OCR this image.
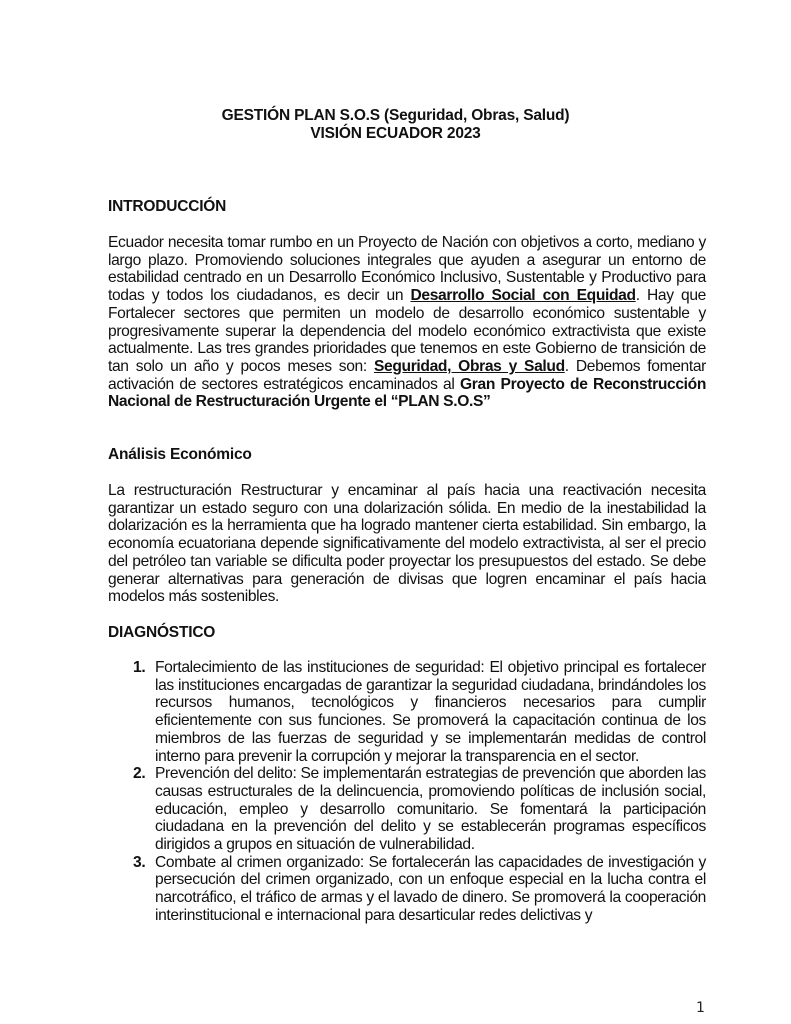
GESTIÓN PLAN S.O.S (Seguridad, Obras, Salud)
VISIÓN ECUADOR 2023
INTRODUCCIÓN
Ecuador necesita tomar rumbo en un Proyecto de Nación con objetivos a corto, mediano y largo plazo. Promoviendo soluciones integrales que ayuden a asegurar un entorno de estabilidad centrado en un Desarrollo Económico Inclusivo, Sustentable y Productivo para todas y todos los ciudadanos, es decir un Desarrollo Social con Equidad. Hay que Fortalecer sectores que permiten un modelo de desarrollo económico sustentable y progresivamente superar la dependencia del modelo económico extractivista que existe actualmente. Las tres grandes prioridades que tenemos en este Gobierno de transición de tan solo un año y pocos meses son: Seguridad, Obras y Salud. Debemos fomentar activación de sectores estratégicos encaminados al Gran Proyecto de Reconstrucción Nacional de Restructuración Urgente el “PLAN S.O.S”
Análisis Económico
La restructuración Restructurar y encaminar al país hacia una reactivación necesita garantizar un estado seguro con una dolarización sólida. En medio de la inestabilidad la dolarización es la herramienta que ha logrado mantener cierta estabilidad. Sin embargo, la economía ecuatoriana depende significativamente del modelo extractivista, al ser el precio del petróleo tan variable se dificulta poder proyectar los presupuestos del estado. Se debe generar alternativas para generación de divisas que logren encaminar el país hacia modelos más sostenibles.
DIAGNÓSTICO
1. Fortalecimiento de las instituciones de seguridad: El objetivo principal es fortalecer las instituciones encargadas de garantizar la seguridad ciudadana, brindándoles los recursos humanos, tecnológicos y financieros necesarios para cumplir eficientemente con sus funciones. Se promoverá la capacitación continua de los miembros de las fuerzas de seguridad y se implementarán medidas de control interno para prevenir la corrupción y mejorar la transparencia en el sector.
2. Prevención del delito: Se implementarán estrategias de prevención que aborden las causas estructurales de la delincuencia, promoviendo políticas de inclusión social, educación, empleo y desarrollo comunitario. Se fomentará la participación ciudadana en la prevención del delito y se establecerán programas específicos dirigidos a grupos en situación de vulnerabilidad.
3. Combate al crimen organizado: Se fortalecerán las capacidades de investigación y persecución del crimen organizado, con un enfoque especial en la lucha contra el narcotráfico, el tráfico de armas y el lavado de dinero. Se promoverá la cooperación interinstitucional e internacional para desarticular redes delictivas y
1
